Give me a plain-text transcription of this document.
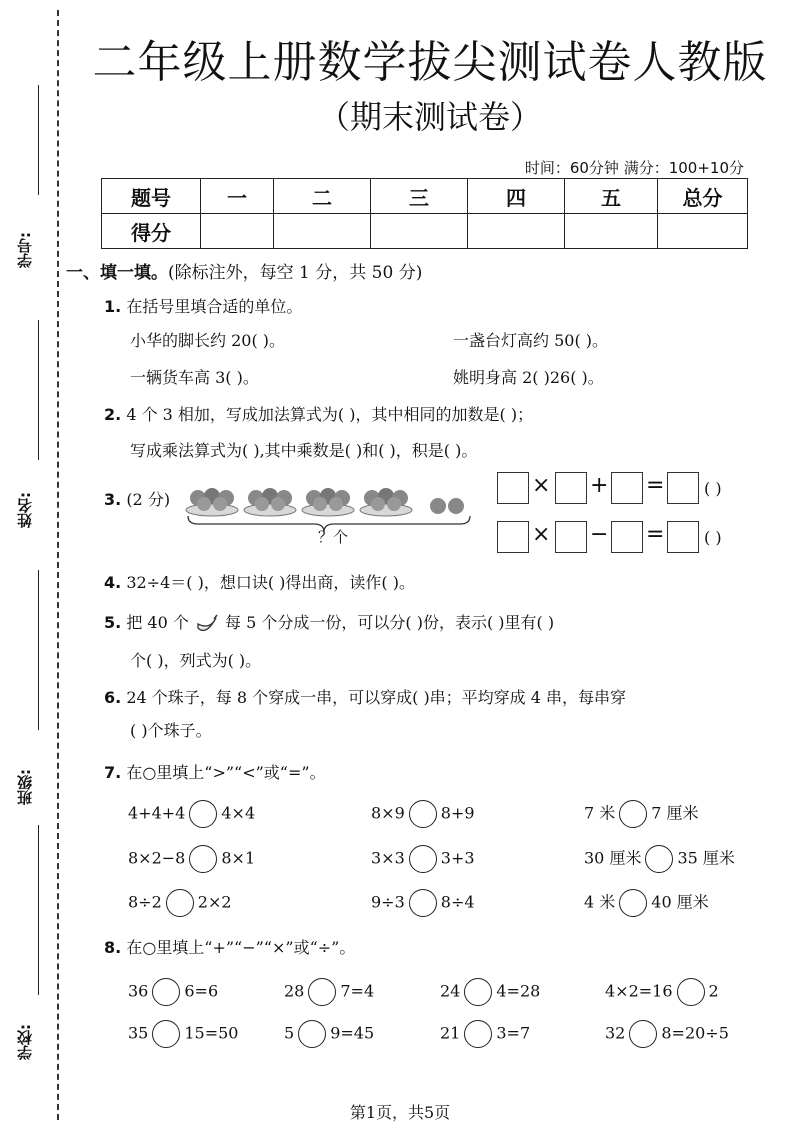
学号:
姓名:
班级:
学校:
二年级上册数学拔尖测试卷人教版
（期末测试卷）
时间：60分钟 满分：100+10分
题号	一	二	三	四	五	总分
得分						
一、填一填。(除标注外，每空 1 分，共 50 分)
1. 在括号里填合适的单位。
小华的脚长约 20( )。	一盏台灯高约 50( )。
一辆货车高 3( )。	姚明身高 2( )26( )。
2. 4 个 3 相加，写成加法算式为( )，其中相同的加数是( )；
写成乘法算式为( ),其中乘数是( )和( )，积是( )。
3. (2 分)
？个
× + = ( )
× − = ( )
4. 32÷4＝( )，想口诀( )得出商，读作( )。
5. 把 40 个 每 5 个分成一份，可以分( )份，表示( )里有( )
个( )，列式为( )。
6. 24 个珠子，每 8 个穿成一串，可以穿成( )串；平均穿成 4 串，每串穿
( )个珠子。
7. 在○里填上“>”“<”或“=”。
4+4+4 4×4	8×9 8+9	7 米 7 厘米
8×2−8 8×1	3×3 3+3	30 厘米 35 厘米
8÷2 2×2	9÷3 8÷4	4 米 40 厘米
8. 在○里填上“+”“−”“×”或“÷”。
36 6=6	28 7=4	24 4=28	4×2=16 2
35 15=50	5 9=45	21 3=7	32 8=20÷5
第1页，共5页
